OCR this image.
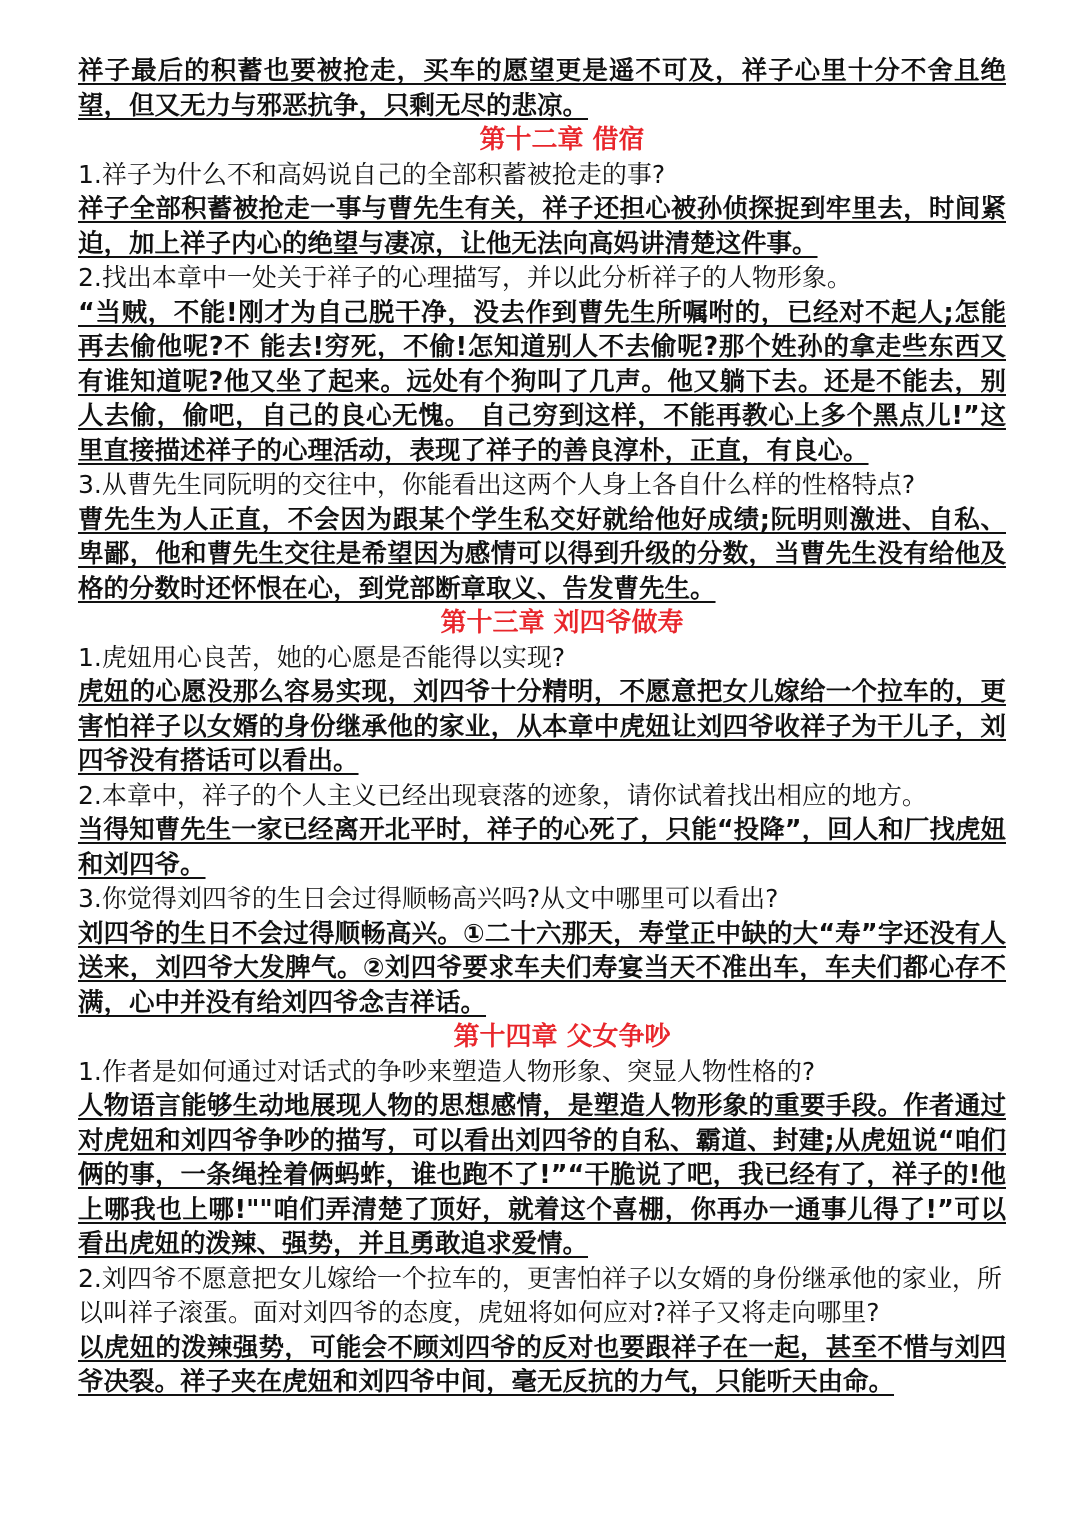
祥子最后的积蓄也要被抢走，买车的愿望更是遥不可及，祥子心里十分不舍且绝望，但又无力与邪恶抗争，只剩无尽的悲凉。

第十二章 借宿

1.祥子为什么不和高妈说自己的全部积蓄被抢走的事?

祥子全部积蓄被抢走一事与曹先生有关，祥子还担心被孙侦探捉到牢里去，时间紧迫，加上祥子内心的绝望与凄凉，让他无法向高妈讲清楚这件事。

2.找出本章中一处关于祥子的心理描写，并以此分析祥子的人物形象。

“当贼，不能!刚才为自己脱干净，没去作到曹先生所嘱咐的，已经对不起人;怎能再去偷他呢?不 能去!穷死，不偷!怎知道别人不去偷呢?那个姓孙的拿走些东西又有谁知道呢?他又坐了起来。远处有个狗叫了几声。他又躺下去。还是不能去，别人去偷，偷吧，自己的良心无愧。 自己穷到这样，不能再教心上多个黑点儿!”这里直接描述祥子的心理活动，表现了祥子的善良淳朴，正直，有良心。

3.从曹先生同阮明的交往中，你能看出这两个人身上各自什么样的性格特点?

曹先生为人正直，不会因为跟某个学生私交好就给他好成绩;阮明则激进、自私、卑鄙，他和曹先生交往是希望因为感情可以得到升级的分数，当曹先生没有给他及格的分数时还怀恨在心，到党部断章取义、告发曹先生。

第十三章 刘四爷做寿

1.虎妞用心良苦，她的心愿是否能得以实现?

虎妞的心愿没那么容易实现，刘四爷十分精明，不愿意把女儿嫁给一个拉车的，更害怕祥子以女婿的身份继承他的家业，从本章中虎妞让刘四爷收祥子为干儿子，刘四爷没有搭话可以看出。

2.本章中，祥子的个人主义已经出现衰落的迹象，请你试着找出相应的地方。

当得知曹先生一家已经离开北平时，祥子的心死了，只能“投降”，回人和厂找虎妞和刘四爷。

3.你觉得刘四爷的生日会过得顺畅高兴吗?从文中哪里可以看出?

刘四爷的生日不会过得顺畅高兴。①二十六那天，寿堂正中缺的大“寿”字还没有人送来，刘四爷大发脾气。②刘四爷要求车夫们寿宴当天不准出车，车夫们都心存不满，心中并没有给刘四爷念吉祥话。

第十四章 父女争吵

1.作者是如何通过对话式的争吵来塑造人物形象、突显人物性格的?

人物语言能够生动地展现人物的思想感情，是塑造人物形象的重要手段。作者通过对虎妞和刘四爷争吵的描写，可以看出刘四爷的自私、霸道、封建;从虎妞说“咱们俩的事，一条绳拴着俩蚂蚱，谁也跑不了!”“干脆说了吧，我已经有了，祥子的!他上哪我也上哪!""咱们弄清楚了顶好，就着这个喜棚，你再办一通事儿得了!”可以看出虎妞的泼辣、强势，并且勇敢追求爱情。

2.刘四爷不愿意把女儿嫁给一个拉车的，更害怕祥子以女婿的身份继承他的家业，所以叫祥子滚蛋。面对刘四爷的态度，虎妞将如何应对?祥子又将走向哪里?

以虎妞的泼辣强势，可能会不顾刘四爷的反对也要跟祥子在一起，甚至不惜与刘四爷决裂。祥子夹在虎妞和刘四爷中间，毫无反抗的力气，只能听天由命。
